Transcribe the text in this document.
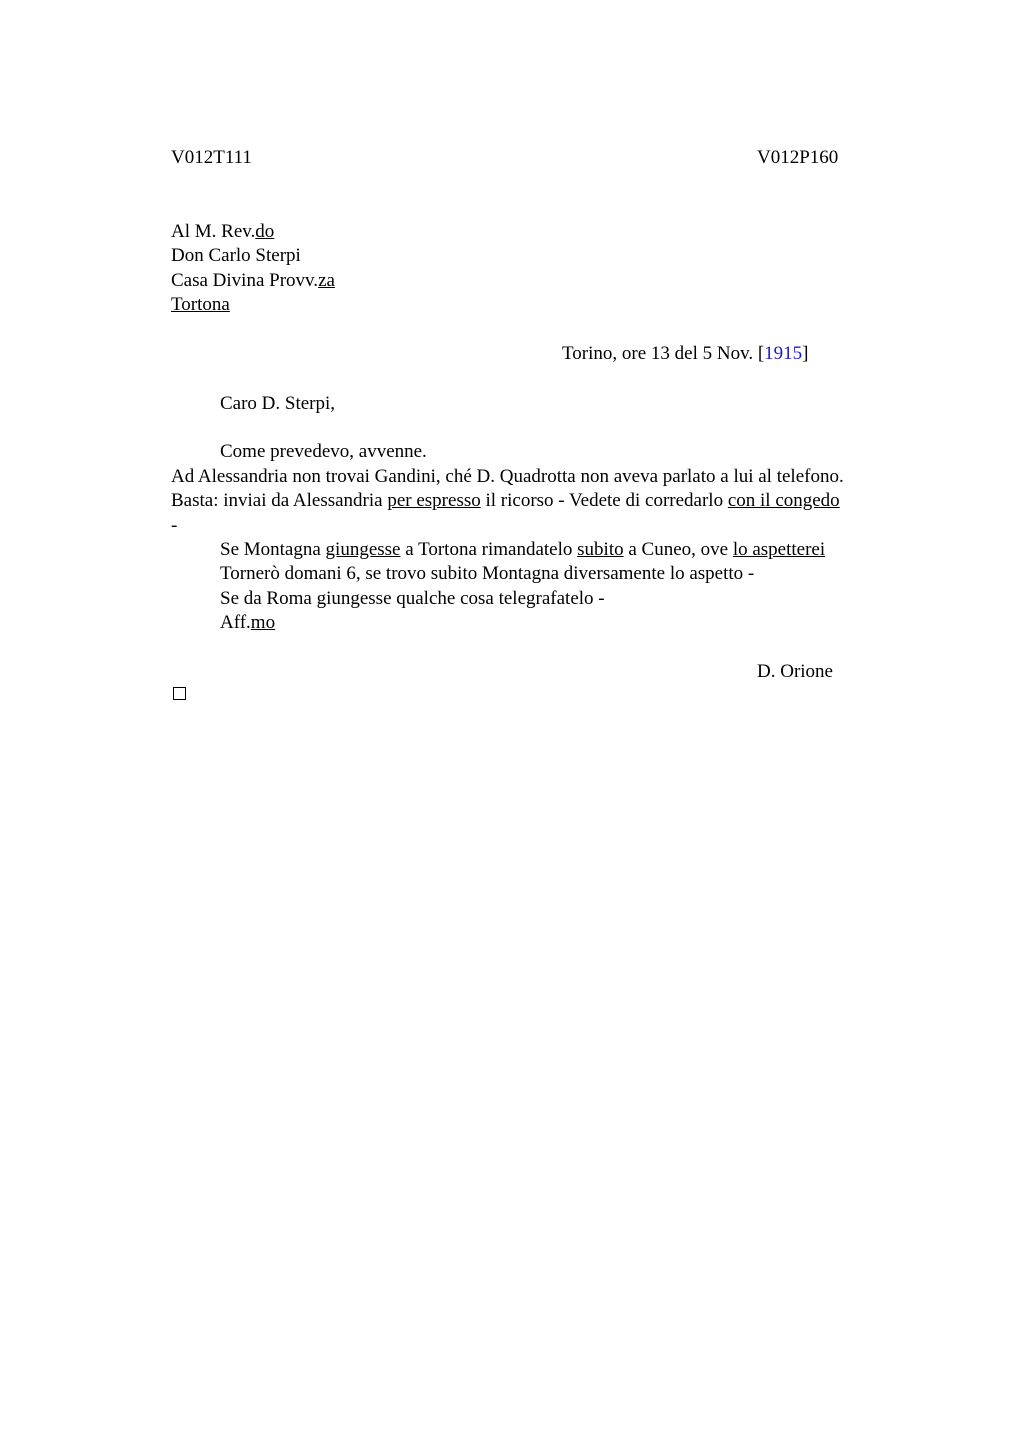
V012T111	V012P160
Al M. Rev.do
Don Carlo Sterpi
Casa Divina Provv.za
Tortona
Torino, ore 13 del 5 Nov. [1915]
Caro D. Sterpi,
Come prevedevo, avvenne.
Ad Alessandria non trovai Gandini, ché D. Quadrotta non aveva parlato a lui al telefono.
Basta: inviai da Alessandria per espresso il ricorso - Vedete di corredarlo con il congedo
-
Se Montagna giungesse a Tortona rimandatelo subito a Cuneo, ove lo aspetterei
Tornerò domani 6, se trovo subito Montagna diversamente lo aspetto -
Se da Roma giungesse qualche cosa telegrafatelo -
Aff.mo
D. Orione
